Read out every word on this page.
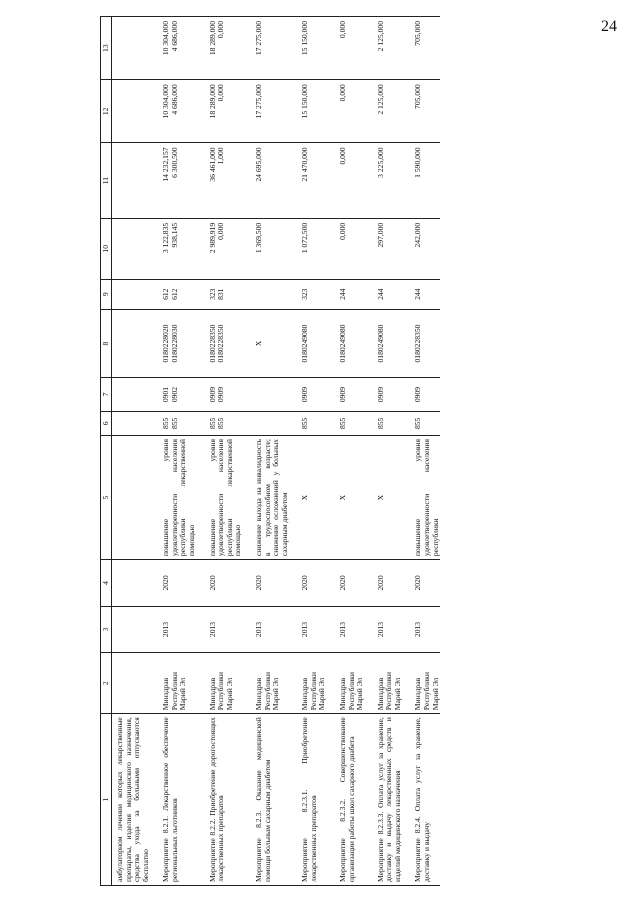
24
1	2	3	4	5	6	7	8	9	10	11	12	13
амбулаторном лечении которых лекарственные препараты, изделия медицинского назначения, средства ухода за больными отпускаются бесплатно												
Мероприятие 8.2.1. Лекарственное обеспечение региональных льготников	Минздрав Республики Марий Эл	2013	2020	повышение уровня удовлетворенности населения республики лекарственной помощью	855 855	0901 0902	0180228020 0180228030	612 612	3 122,835 938,145	14 232,157 6 300,500	10 304,000 4 686,000	10 304,000 4 686,000

Мероприятие 8.2.2. Приобретение дорогостоящих лекарственных препаратов	Минздрав Республики Марий Эл	2013	2020	повышение уровня удовлетворенности населения республики лекарственной помощью	855 855	0909 0909	0180228350 0180228350	323 831	2 989,919 0,000	36 461,000 1,000	18 289,000 0,000	18 289,000 0,000

Мероприятие 8.2.3. Оказание медицинской помощи больным сахарным диабетом	Минздрав Республики Марий Эл	2013	2020	снижение выхода на инвалидность в трудоспособном возрасте; снижение осложнений у больных сахарным диабетом			Х		1 369,500	24 695,000	17 275,000	17 275,000

Мероприятие 8.2.3.1. Приобретение лекарственных препаратов	Минздрав Республики Марий Эл	2013	2020	Х	855	0909	0180249080	323	1 072,500	21 470,000	15 150,000	15 150,000

Мероприятие 8.2.3.2. Совершенствование организации работы школ сахарного диабета	Минздрав Республики Марий Эл	2013	2020	Х	855	0909	0180249080	244	0,000	0,000	0,000	0,000

Мероприятие 8.2.3.3. Оплата услуг за хранение, доставку и выдачу лекарственных средств и изделий медицинского назначения	Минздрав Республики Марий Эл	2013	2020	Х	855	0909	0180249080	244	297,000	3 225,000	2 125,000	2 125,000

Мероприятие 8.2.4. Оплата услуг за хранение, доставку и выдачу	Минздрав Республики Марий Эл	2013	2020	повышение уровня удовлетворенности населения республики	855	0909	0180228350	244	242,000	1 590,000	705,000	705,000
